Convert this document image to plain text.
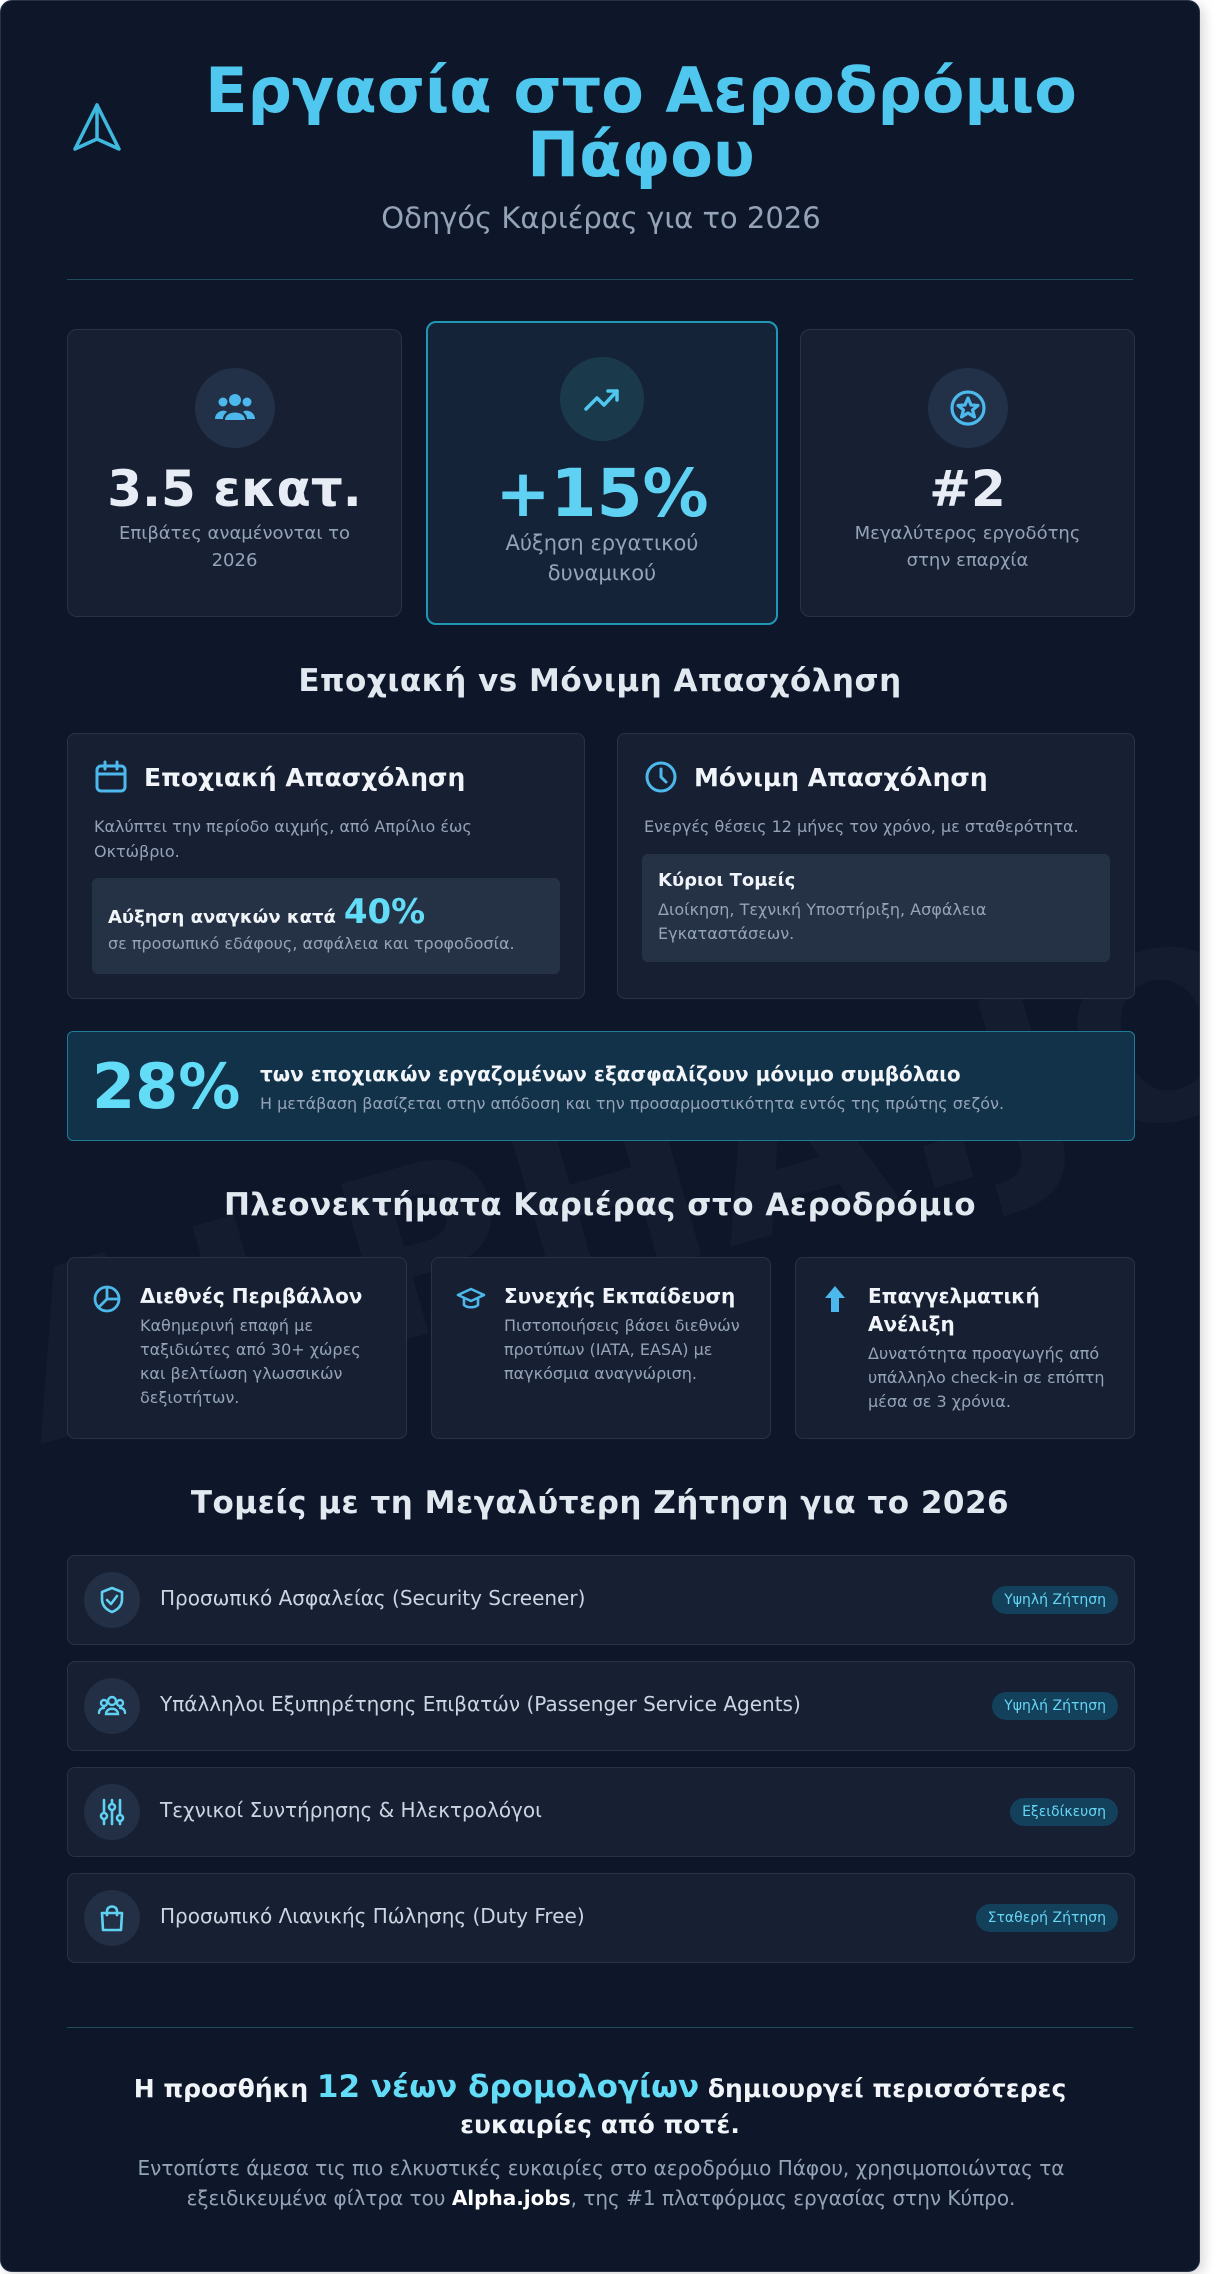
Εργασία στο Αεροδρόμιο Πάφου
Οδηγός Καριέρας για το 2026
3.5 εκατ.
Επιβάτες αναμένονται το 2026
+15%
Αύξηση εργατικού δυναμικού
#2
Μεγαλύτερος εργοδότης στην επαρχία
Εποχιακή vs Μόνιμη Απασχόληση
Εποχιακή Απασχόληση
Καλύπτει την περίοδο αιχμής, από Απρίλιο έως Οκτώβριο.
Αύξηση αναγκών κατά 40%
σε προσωπικό εδάφους, ασφάλεια και τροφοδοσία.
Μόνιμη Απασχόληση
Ενεργές θέσεις 12 μήνες τον χρόνο, με σταθερότητα.
Κύριοι Τομείς
Διοίκηση, Τεχνική Υποστήριξη, Ασφάλεια Εγκαταστάσεων.
28% των εποχιακών εργαζομένων εξασφαλίζουν μόνιμο συμβόλαιο
Η μετάβαση βασίζεται στην απόδοση και την προσαρμοστικότητα εντός της πρώτης σεζόν.
Πλεονεκτήματα Καριέρας στο Αεροδρόμιο
Διεθνές Περιβάλλον
Καθημερινή επαφή με ταξιδιώτες από 30+ χώρες και βελτίωση γλωσσικών δεξιοτήτων.
Συνεχής Εκπαίδευση
Πιστοποιήσεις βάσει διεθνών προτύπων (IATA, EASA) με παγκόσμια αναγνώριση.
Επαγγελματική Ανέλιξη
Δυνατότητα προαγωγής από υπάλληλο check-in σε επόπτη μέσα σε 3 χρόνια.
Τομείς με τη Μεγαλύτερη Ζήτηση για το 2026
Προσωπικό Ασφαλείας (Security Screener)	Υψηλή Ζήτηση
Υπάλληλοι Εξυπηρέτησης Επιβατών (Passenger Service Agents)	Υψηλή Ζήτηση
Τεχνικοί Συντήρησης & Ηλεκτρολόγοι	Εξειδίκευση
Προσωπικό Λιανικής Πώλησης (Duty Free)	Σταθερή Ζήτηση
Η προσθήκη 12 νέων δρομολογίων δημιουργεί περισσότερες ευκαιρίες από ποτέ.
Εντοπίστε άμεσα τις πιο ελκυστικές ευκαιρίες στο αεροδρόμιο Πάφου, χρησιμοποιώντας τα εξειδικευμένα φίλτρα του Alpha.jobs, της #1 πλατφόρμας εργασίας στην Κύπρο.
